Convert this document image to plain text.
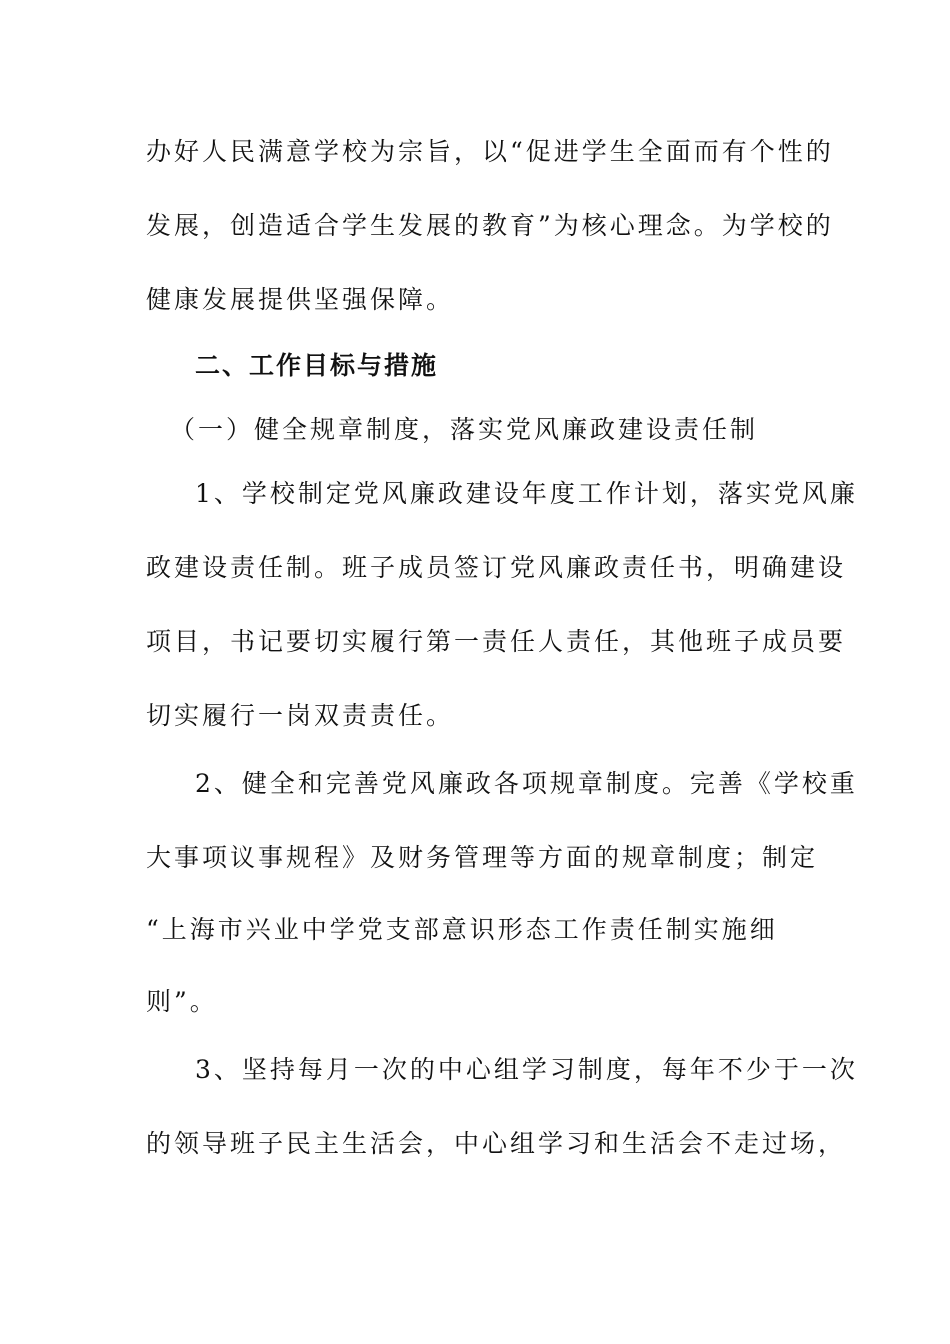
办好人民满意学校为宗旨，以“促进学生全面而有个性的
发展，创造适合学生发展的教育”为核心理念。为学校的
健康发展提供坚强保障。
二、工作目标与措施
（一）健全规章制度，落实党风廉政建设责任制
1、学校制定党风廉政建设年度工作计划，落实党风廉
政建设责任制。班子成员签订党风廉政责任书，明确建设
项目，书记要切实履行第一责任人责任，其他班子成员要
切实履行一岗双责责任。
2、健全和完善党风廉政各项规章制度。完善《学校重
大事项议事规程》及财务管理等方面的规章制度；制定
“上海市兴业中学党支部意识形态工作责任制实施细
则”。
3、坚持每月一次的中心组学习制度，每年不少于一次
的领导班子民主生活会，中心组学习和生活会不走过场，
